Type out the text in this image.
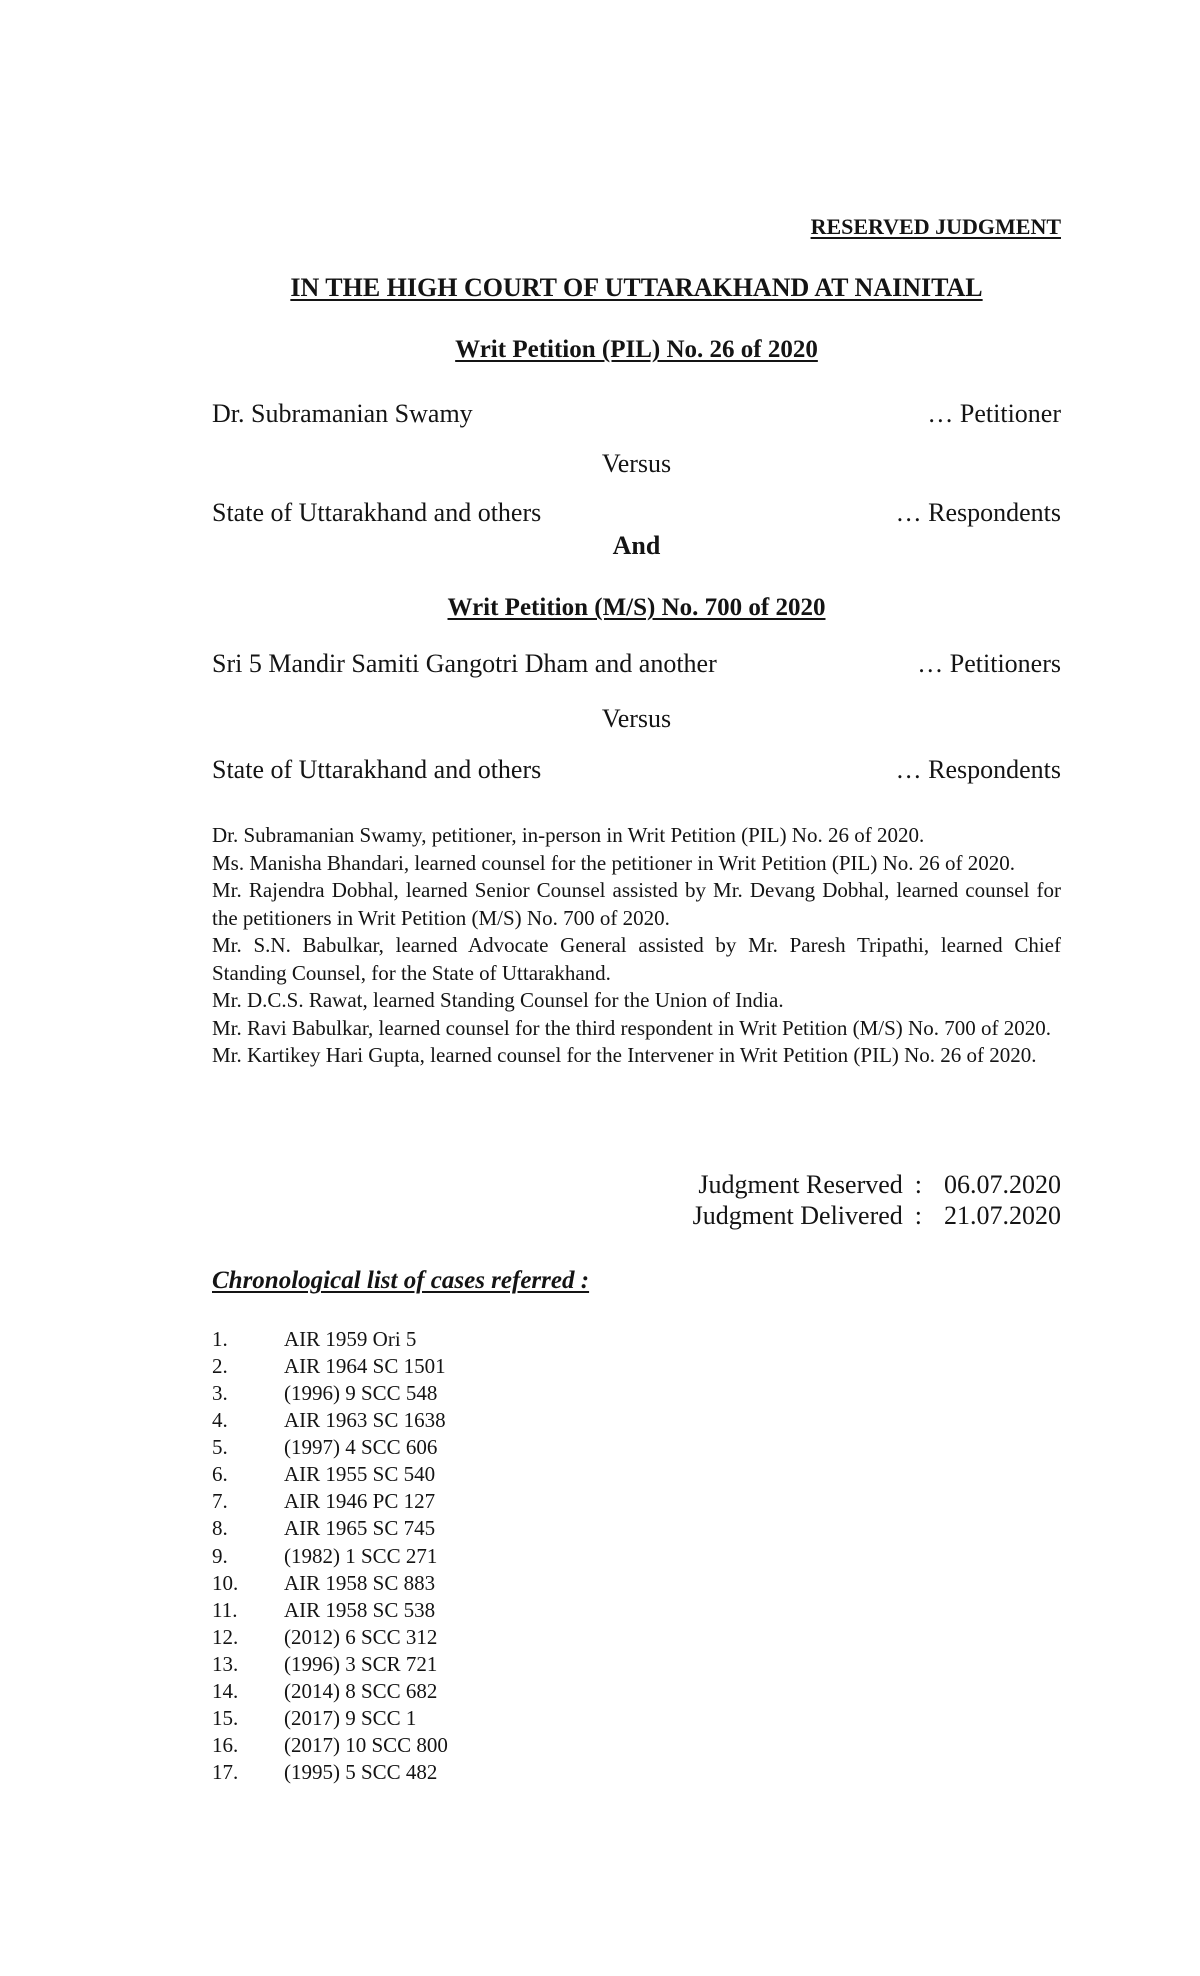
RESERVED JUDGMENT
IN THE HIGH COURT OF UTTARAKHAND AT NAINITAL
Writ Petition (PIL) No. 26 of 2020
Dr. Subramanian Swamy	… Petitioner
Versus
State of Uttarakhand and others	… Respondents
And
Writ Petition (M/S) No. 700 of 2020
Sri 5 Mandir Samiti Gangotri Dham and another	… Petitioners
Versus
State of Uttarakhand and others	… Respondents

Dr. Subramanian Swamy, petitioner, in-person in Writ Petition (PIL) No. 26 of 2020.

Ms. Manisha Bhandari, learned counsel for the petitioner in Writ Petition (PIL) No. 26 of 2020.

Mr. Rajendra Dobhal, learned Senior Counsel assisted by Mr. Devang Dobhal, learned counsel for the petitioners in Writ Petition (M/S) No. 700 of 2020.

Mr. S.N. Babulkar, learned Advocate General assisted by Mr. Paresh Tripathi, learned Chief Standing Counsel, for the State of Uttarakhand.

Mr. D.C.S. Rawat, learned Standing Counsel for the Union of India.

Mr. Ravi Babulkar, learned counsel for the third respondent in Writ Petition (M/S) No. 700 of 2020.

Mr. Kartikey Hari Gupta, learned counsel for the Intervener in Writ Petition (PIL) No. 26 of 2020.

Judgment Reserved : 06.07.2020
Judgment Delivered : 21.07.2020
Chronological list of cases referred :
1.	AIR 1959 Ori 5
2.	AIR 1964 SC 1501
3.	(1996) 9 SCC 548
4.	AIR 1963 SC 1638
5.	(1997) 4 SCC 606
6.	AIR 1955 SC 540
7.	AIR 1946 PC 127
8.	AIR 1965 SC 745
9.	(1982) 1 SCC 271
10.	AIR 1958 SC 883
11.	AIR 1958 SC 538
12.	(2012) 6 SCC 312
13.	(1996) 3 SCR 721
14.	(2014) 8 SCC 682
15.	(2017) 9 SCC 1
16.	(2017) 10 SCC 800
17.	(1995) 5 SCC 482
